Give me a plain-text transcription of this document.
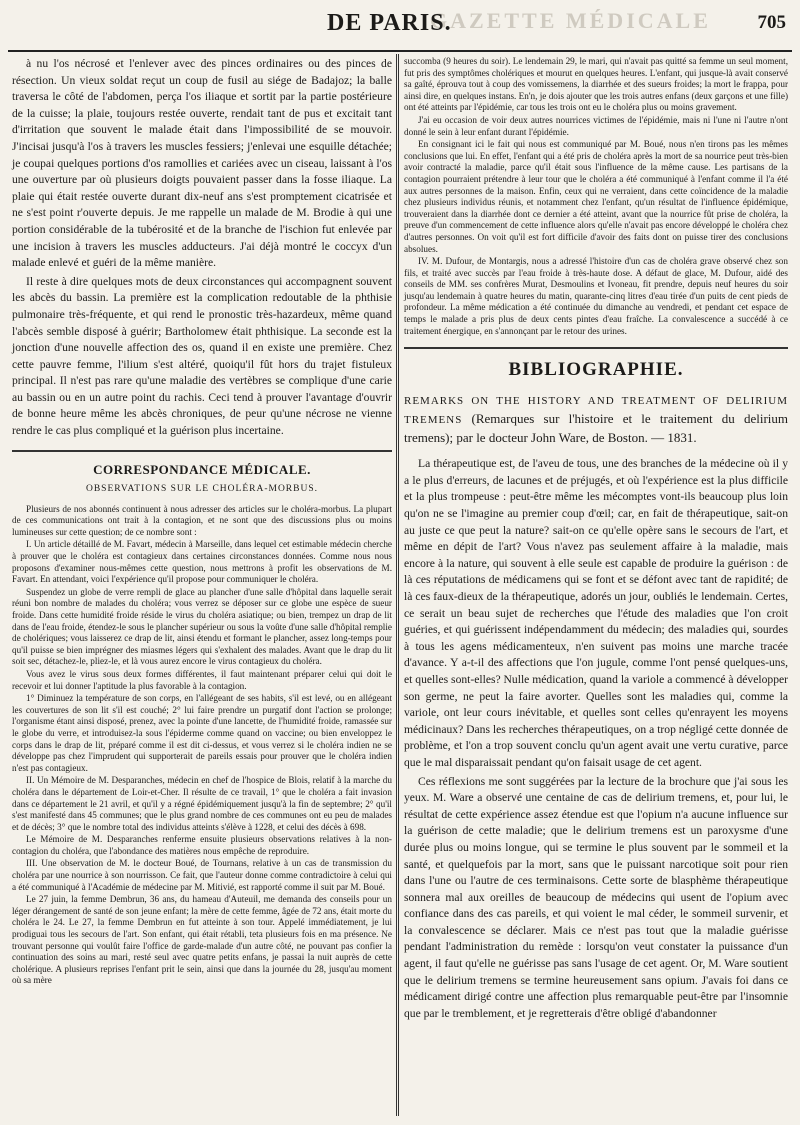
GAZETTE MÉDICALE
DE PARIS.	705

à nu l'os nécrosé et l'enlever avec des pinces ordinaires ou des pinces de résection. Un vieux soldat reçut un coup de fusil au siége de Badajoz; la balle traversa le côté de l'abdomen, perça l'os iliaque et sortit par la partie postérieure de la cuisse; la plaie, toujours restée ouverte, rendait tant de pus et excitait tant d'irritation que souvent le malade était dans l'impossibilité de se mouvoir. J'incisai jusqu'à l'os à travers les muscles fessiers; j'enlevai une esquille détachée; je coupai quelques portions d'os ramollies et cariées avec un ciseau, laissant à l'os une ouverture par où plusieurs doigts pouvaient passer dans la fosse iliaque. La plaie qui était restée ouverte durant dix-neuf ans s'est promptement cicatrisée et ne s'est point r'ouverte depuis. Je me rappelle un malade de M. Brodie à qui une portion considérable de la tubérosité et de la branche de l'ischion fut enlevée par une incision à travers les muscles adducteurs. J'ai déjà montré le coccyx d'un malade enlevé et guéri de la même manière.

Il reste à dire quelques mots de deux circonstances qui accompagnent souvent les abcès du bassin. La première est la complication redoutable de la phthisie pulmonaire très-fréquente, et qui rend le pronostic très-hazardeux, même quand l'abcès semble disposé à guérir; Bartholomew était phthisique. La seconde est la jonction d'une nouvelle affection des os, quand il en existe une première. Chez cette pauvre femme, l'ilium s'est altéré, quoiqu'il fût hors du trajet fistuleux principal. Il n'est pas rare qu'une maladie des vertèbres se complique d'une carie au bassin ou en un autre point du rachis. Ceci tend à prouver l'avantage d'ouvrir de bonne heure même les abcès chroniques, de peur qu'une nécrose ne vienne rendre le cas plus compliqué et la guérison plus incertaine.

CORRESPONDANCE MÉDICALE.
OBSERVATIONS SUR LE CHOLÉRA-MORBUS.

Plusieurs de nos abonnés continuent à nous adresser des articles sur le choléra-morbus. La plupart de ces communications ont trait à la contagion, et ne sont que des discussions plus ou moins lumineuses sur cette question; de ce nombre sont :

I. Un article détaillé de M. Favart, médecin à Marseille, dans lequel cet estimable médecin cherche à prouver que le choléra est contagieux dans certaines circonstances données. Comme nous nous proposons d'examiner nous-mêmes cette question, nous mettrons à profit les observations de M. Favart. En attendant, voici l'expérience qu'il propose pour communiquer le choléra.

Suspendez un globe de verre rempli de glace au plancher d'une salle d'hôpital dans laquelle serait réuni bon nombre de malades du choléra; vous verrez se déposer sur ce globe une espèce de sueur froide. Dans cette humidité froide réside le virus du choléra asiatique; ou bien, trempez un drap de lit dans de l'eau froide, étendez-le sous le plancher supérieur ou sous la voûte d'une salle d'hôpital remplie de cholériques; vous laisserez ce drap de lit, ainsi étendu et formant le plancher, assez long-temps pour qu'il puisse se bien imprégner des miasmes légers qui s'exhalent des malades. Avant que le drap du lit soit sec, détachez-le, pliez-le, et là vous aurez encore le virus contagieux du choléra.

Vous avez le virus sous deux formes différentes, il faut maintenant préparer celui qui doit le recevoir et lui donner l'aptitude la plus favorable à la contagion.

1° Diminuez la température de son corps, en l'allégeant de ses habits, s'il est levé, ou en allégeant les couvertures de son lit s'il est couché; 2° lui faire prendre un purgatif dont l'action se prolonge; l'organisme étant ainsi disposé, prenez, avec la pointe d'une lancette, de l'humidité froide, ramassée sur le globe du verre, et introduisez-la sous l'épiderme comme quand on vaccine; ou bien enveloppez le corps dans le drap de lit, préparé comme il est dit ci-dessus, et vous verrez si le choléra indien ne se développe pas chez l'imprudent qui supporterait de pareils essais pour prouver que le choléra indien n'est pas contagieux.

II. Un Mémoire de M. Desparanches, médecin en chef de l'hospice de Blois, relatif à la marche du choléra dans le département de Loir-et-Cher. Il résulte de ce travail, 1° que le choléra a fait invasion dans ce département le 21 avril, et qu'il y a régné épidémiquement jusqu'à la fin de septembre; 2° qu'il s'est manifesté dans 45 communes; que le plus grand nombre de ces communes ont eu peu de malades et de décès; 3° que le nombre total des individus atteints s'élève à 1228, et celui des décès à 698.

Le Mémoire de M. Desparanches renferme ensuite plusieurs observations relatives à la non-contagion du choléra, que l'abondance des matières nous empêche de reproduire.

III. Une observation de M. le docteur Boué, de Tournans, relative à un cas de transmission du choléra par une nourrice à son nourrisson. Ce fait, que l'auteur donne comme contradictoire à celui qui a été communiqué à l'Académie de médecine par M. Mitivié, est rapporté comme il suit par M. Boué.

Le 27 juin, la femme Dembrun, 36 ans, du hameau d'Auteuil, me demanda des conseils pour un léger dérangement de santé de son jeune enfant; la mère de cette femme, âgée de 72 ans, était morte du choléra le 24. Le 27, la femme Dembrun en fut atteinte à son tour. Appelé immédiatement, je lui prodiguai tous les secours de l'art. Son enfant, qui était rétabli, teta plusieurs fois en ma présence. Ne trouvant personne qui voulût faire l'office de garde-malade d'un autre côté, ne pouvant pas confier la continuation des soins au mari, resté seul avec quatre petits enfans, je passai la nuit auprès de cette cholérique. A plusieurs reprises l'enfant prit le sein, ainsi que dans la journée du 28, jusqu'au moment où sa mère

succomba (9 heures du soir). Le lendemain 29, le mari, qui n'avait pas quitté sa femme un seul moment, fut pris des symptômes cholériques et mourut en quelques heures. L'enfant, qui jusque-là avait conservé sa gaîté, éprouva tout à coup des vomissemens, la diarrhée et des sueurs froides; la mort le frappa, pour ainsi dire, en quelques instans. En'n, je dois ajouter que les trois autres enfans (deux garçons et une fille) ont été atteints par l'épidémie, car tous les trois ont eu le choléra plus ou moins gravement.

J'ai eu occasion de voir deux autres nourrices victimes de l'épidémie, mais ni l'une ni l'autre n'ont donné le sein à leur enfant durant l'épidémie.

En consignant ici le fait qui nous est communiqué par M. Boué, nous n'en tirons pas les mêmes conclusions que lui. En effet, l'enfant qui a été pris de choléra après la mort de sa nourrice peut très-bien avoir contracté la maladie, parce qu'il était sous l'influence de la même cause. Les partisans de la contagion pourraient prétendre à leur tour que le choléra a été communiqué à l'enfant comme il l'a été aux autres personnes de la maison. Enfin, ceux qui ne verraient, dans cette coïncidence de la maladie chez plusieurs individus réunis, et notamment chez l'enfant, qu'un résultat de l'influence épidémique, trouveraient dans la diarrhée dont ce dernier a été atteint, avant que la nourrice fût prise de choléra, la preuve d'un commencement de cette influence alors qu'elle n'avait pas encore développé le choléra chez d'autres personnes. On voit qu'il est fort difficile d'avoir des faits dont on puisse tirer des conclusions absolues.

IV. M. Dufour, de Montargis, nous a adressé l'histoire d'un cas de choléra grave observé chez son fils, et traité avec succès par l'eau froide à très-haute dose. A défaut de glace, M. Dufour, aidé des conseils de MM. ses confrères Murat, Desmoulins et Ivoneau, fit prendre, depuis neuf heures du soir jusqu'au lendemain à quatre heures du matin, quarante-cinq litres d'eau tirée d'un puits de cent pieds de profondeur. La même médication a été continuée du dimanche au vendredi, et pendant cet espace de temps le malade a pris plus de deux cents pintes d'eau fraîche. La convalescence a succédé à ce traitement énergique, en s'annonçant par le retour des urines.

BIBLIOGRAPHIE.
REMARKS ON THE HISTORY AND TREATMENT OF DELIRIUM TREMENS (Remarques sur l'histoire et le traitement du delirium tremens); par le docteur John Ware, de Boston. — 1831.

La thérapeutique est, de l'aveu de tous, une des branches de la médecine où il y a le plus d'erreurs, de lacunes et de préjugés, et où l'expérience est la plus difficile et la plus trompeuse : peut-être même les mécomptes vont-ils beaucoup plus loin qu'on ne se l'imagine au premier coup d'œil; car, en fait de thérapeutique, sait-on au juste ce que peut la nature? sait-on ce qu'elle opère sans le secours de l'art, et même en dépit de l'art? Vous n'avez pas seulement affaire à la maladie, mais encore à la nature, qui souvent à elle seule est capable de produire la guérison : de là ces réputations de médicamens qui se font et se défont avec tant de rapidité; de là ces faux-dieux de la thérapeutique, adorés un jour, oubliés le lendemain. Certes, ce serait un beau sujet de recherches que l'étude des maladies que l'on croit guéries, et qui guérissent indépendamment du médecin; des maladies qui, sourdes à tous les agens médicamenteux, n'en suivent pas moins une marche tracée d'avance. Y a-t-il des affections que l'on jugule, comme l'ont pensé quelques-uns, et quelles sont-elles? Nulle médication, quand la variole a commencé à développer son germe, ne peut la faire avorter. Quelles sont les maladies qui, comme la variole, ont leur cours inévitable, et quelles sont celles qu'enrayent les moyens médicinaux? Dans les recherches thérapeutiques, on a trop négligé cette donnée de problème, et l'on a trop souvent conclu qu'un agent avait une vertu curative, parce que le mal disparaissait pendant qu'on faisait usage de cet agent.

Ces réflexions me sont suggérées par la lecture de la brochure que j'ai sous les yeux. M. Ware a observé une centaine de cas de delirium tremens, et, pour lui, le résultat de cette expérience assez étendue est que l'opium n'a aucune influence sur la guérison de cette maladie; que le delirium tremens est un paroxysme d'une durée plus ou moins longue, qui se termine le plus souvent par le sommeil et la santé, et quelquefois par la mort, sans que le puissant narcotique soit pour rien dans l'une ou l'autre de ces terminaisons. Cette sorte de blasphème thérapeutique sonnera mal aux oreilles de beaucoup de médecins qui usent de l'opium avec confiance dans des cas pareils, et qui voient le mal céder, le sommeil survenir, et la convalescence se déclarer. Mais ce n'est pas tout que la maladie guérisse pendant l'administration du remède : lorsqu'on veut constater la puissance d'un agent, il faut qu'elle ne guérisse pas sans l'usage de cet agent. Or, M. Ware soutient que le delirium tremens se termine heureusement sans opium. J'avais foi dans ce médicament dirigé contre une affection plus remarquable peut-être par l'insomnie que par le tremblement, et je regretterais d'être obligé d'abandonner
